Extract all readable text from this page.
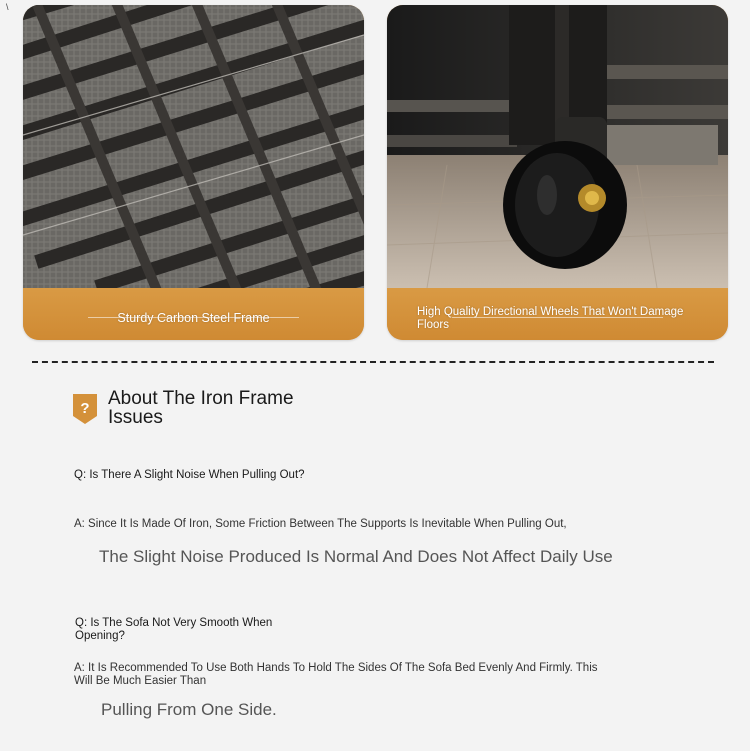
\
Sturdy Carbon Steel Frame	High Quality Directional Wheels That Won't Damage Floors
? About The Iron Frame Issues
Q: Is There A Slight Noise When Pulling Out?
A: Since It Is Made Of Iron, Some Friction Between The Supports Is Inevitable When Pulling Out,
The Slight Noise Produced Is Normal And Does Not Affect Daily Use
Q: Is The Sofa Not Very Smooth When Opening?
A: It Is Recommended To Use Both Hands To Hold The Sides Of The Sofa Bed Evenly And Firmly. This Will Be Much Easier Than
Pulling From One Side.
